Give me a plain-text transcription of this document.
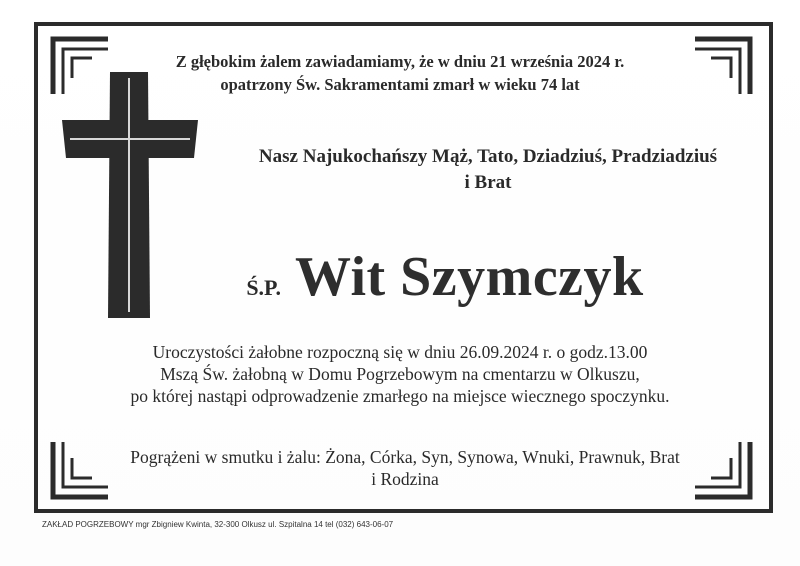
Z głębokim żalem zawiadamiamy, że w dniu 21 września 2024 r.
opatrzony Św. Sakramentami zmarł w wieku 74 lat
Nasz Najukochańszy Mąż, Tato, Dziadziuś, Pradziadziuś
i Brat
Ś.P. Wit Szymczyk
Uroczystości żałobne rozpoczną się w dniu 26.09.2024 r. o godz.13.00
Mszą Św. żałobną w Domu Pogrzebowym na cmentarzu w Olkuszu,
po której nastąpi odprowadzenie zmarłego na miejsce wiecznego spoczynku.
Pogrążeni w smutku i żalu: Żona, Córka, Syn, Synowa, Wnuki, Prawnuk, Brat
i Rodzina
ZAKŁAD POGRZEBOWY mgr Zbigniew Kwinta, 32-300 Olkusz ul. Szpitalna 14 tel (032) 643-06-07
